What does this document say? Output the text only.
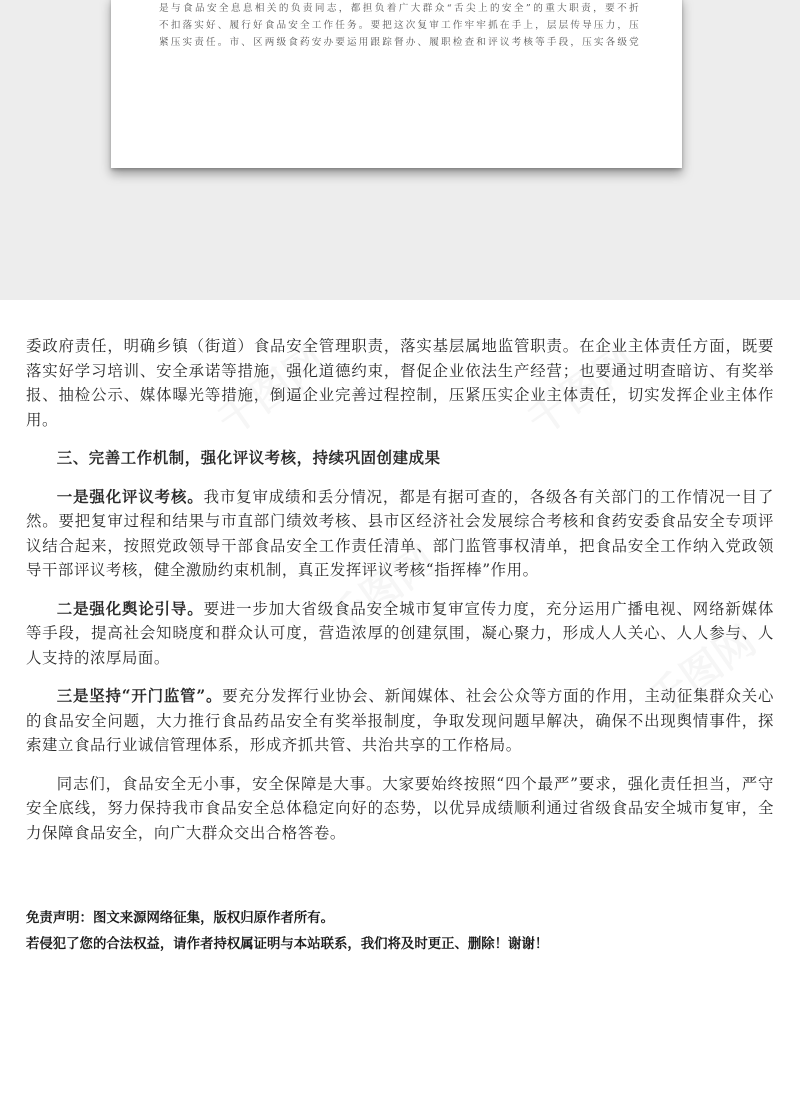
是与食品安全息息相关的负责同志，都担负着广大群众“舌尖上的安全”的重大职责，要不折
不扣落实好、履行好食品安全工作任务。要把这次复审工作牢牢抓在手上，层层传导压力，压
紧压实责任。市、区两级食药安办要运用跟踪督办、履职检查和评议考核等手段，压实各级党
千图网	千图网
千图网
千图网

委政府责任，明确乡镇（街道）食品安全管理职责，落实基层属地监管职责。在企业主体责任方面，既要落实好学习培训、安全承诺等措施，强化道德约束，督促企业依法生产经营；也要通过明查暗访、有奖举报、抽检公示、媒体曝光等措施，倒逼企业完善过程控制，压紧压实企业主体责任，切实发挥企业主体作用。

三、完善工作机制，强化评议考核，持续巩固创建成果

一是强化评议考核。我市复审成绩和丢分情况，都是有据可查的，各级各有关部门的工作情况一目了然。要把复审过程和结果与市直部门绩效考核、县市区经济社会发展综合考核和食药安委食品安全专项评议结合起来，按照党政领导干部食品安全工作责任清单、部门监管事权清单，把食品安全工作纳入党政领导干部评议考核，健全激励约束机制，真正发挥评议考核“指挥棒”作用。

二是强化舆论引导。要进一步加大省级食品安全城市复审宣传力度，充分运用广播电视、网络新媒体等手段，提高社会知晓度和群众认可度，营造浓厚的创建氛围，凝心聚力，形成人人关心、人人参与、人人支持的浓厚局面。

三是坚持“开门监管”。要充分发挥行业协会、新闻媒体、社会公众等方面的作用，主动征集群众关心的食品安全问题，大力推行食品药品安全有奖举报制度，争取发现问题早解决，确保不出现舆情事件，探索建立食品行业诚信管理体系，形成齐抓共管、共治共享的工作格局。

同志们，食品安全无小事，安全保障是大事。大家要始终按照“四个最严”要求，强化责任担当，严守安全底线，努力保持我市食品安全总体稳定向好的态势，以优异成绩顺利通过省级食品安全城市复审，全力保障食品安全，向广大群众交出合格答卷。

免责声明：图文来源网络征集，版权归原作者所有。
若侵犯了您的合法权益，请作者持权属证明与本站联系，我们将及时更正、删除！谢谢！
